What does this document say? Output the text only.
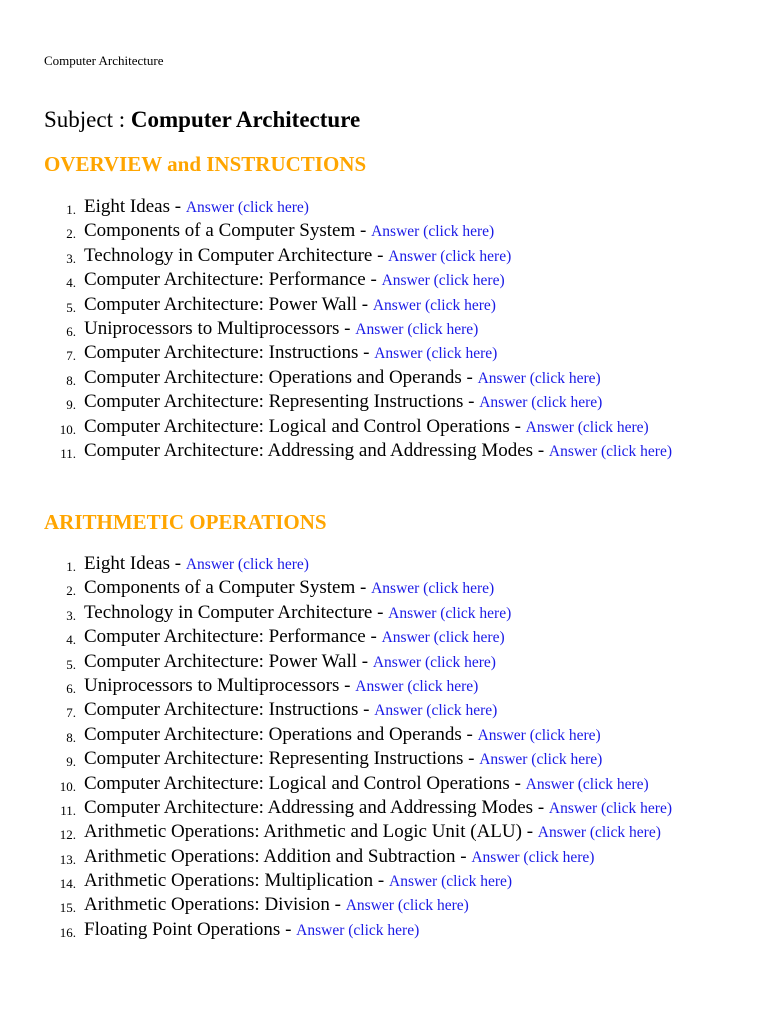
Computer Architecture
Subject : Computer Architecture
OVERVIEW and INSTRUCTIONS
1. Eight Ideas - Answer (click here)
2. Components of a Computer System - Answer (click here)
3. Technology in Computer Architecture - Answer (click here)
4. Computer Architecture: Performance - Answer (click here)
5. Computer Architecture: Power Wall - Answer (click here)
6. Uniprocessors to Multiprocessors - Answer (click here)
7. Computer Architecture: Instructions - Answer (click here)
8. Computer Architecture: Operations and Operands - Answer (click here)
9. Computer Architecture: Representing Instructions - Answer (click here)
10. Computer Architecture: Logical and Control Operations - Answer (click here)
11. Computer Architecture: Addressing and Addressing Modes - Answer (click here)
ARITHMETIC OPERATIONS
1. Eight Ideas - Answer (click here)
2. Components of a Computer System - Answer (click here)
3. Technology in Computer Architecture - Answer (click here)
4. Computer Architecture: Performance - Answer (click here)
5. Computer Architecture: Power Wall - Answer (click here)
6. Uniprocessors to Multiprocessors - Answer (click here)
7. Computer Architecture: Instructions - Answer (click here)
8. Computer Architecture: Operations and Operands - Answer (click here)
9. Computer Architecture: Representing Instructions - Answer (click here)
10. Computer Architecture: Logical and Control Operations - Answer (click here)
11. Computer Architecture: Addressing and Addressing Modes - Answer (click here)
12. Arithmetic Operations: Arithmetic and Logic Unit (ALU) - Answer (click here)
13. Arithmetic Operations: Addition and Subtraction - Answer (click here)
14. Arithmetic Operations: Multiplication - Answer (click here)
15. Arithmetic Operations: Division - Answer (click here)
16. Floating Point Operations - Answer (click here)
